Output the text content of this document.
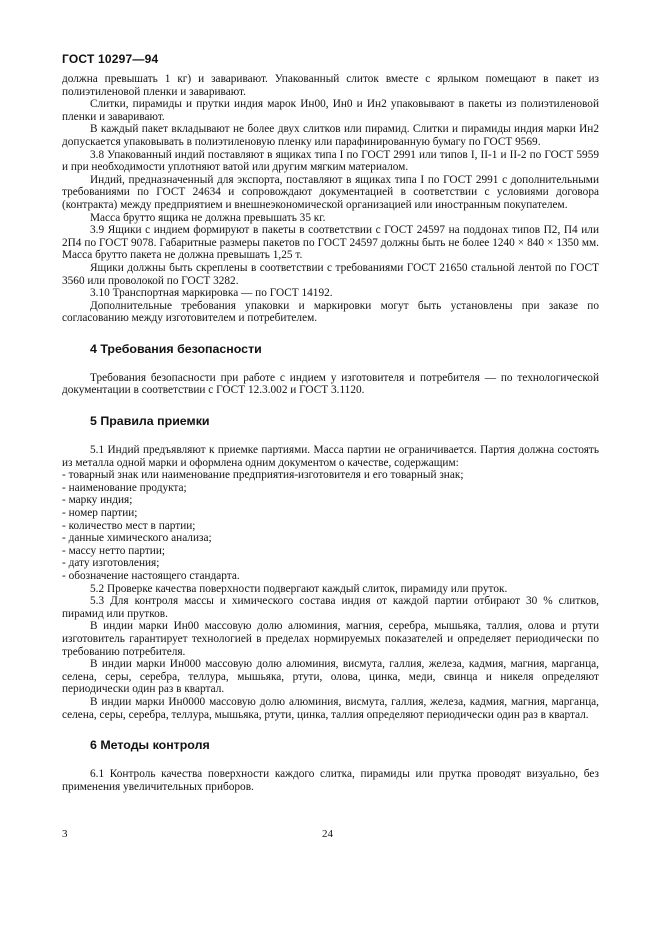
ГОСТ 10297—94

должна превышать 1 кг) и заваривают. Упакованный слиток вместе с ярлыком помещают в пакет из полиэтиленовой пленки и заваривают.

Слитки, пирамиды и прутки индия марок Ин00, Ин0 и Ин2 упаковывают в пакеты из полиэтиленовой пленки и заваривают.

В каждый пакет вкладывают не более двух слитков или пирамид. Слитки и пирамиды индия марки Ин2 допускается упаковывать в полиэтиленовую пленку или парафинированную бумагу по ГОСТ 9569.

3.8 Упакованный индий поставляют в ящиках типа I по ГОСТ 2991 или типов I, II-1 и II-2 по ГОСТ 5959 и при необходимости уплотняют ватой или другим мягким материалом.

Индий, предназначенный для экспорта, поставляют в ящиках типа I по ГОСТ 2991 с дополнительными требованиями по ГОСТ 24634 и сопровождают документацией в соответствии с условиями договора (контракта) между предприятием и внешнеэкономической организацией или иностранным покупателем.

Масса брутто ящика не должна превышать 35 кг.

3.9 Ящики с индием формируют в пакеты в соответствии с ГОСТ 24597 на поддонах типов П2, П4 или 2П4 по ГОСТ 9078. Габаритные размеры пакетов по ГОСТ 24597 должны быть не более 1240 × 840 × 1350 мм. Масса брутто пакета не должна превышать 1,25 т.

Ящики должны быть скреплены в соответствии с требованиями ГОСТ 21650 стальной лентой по ГОСТ 3560 или проволокой по ГОСТ 3282.

3.10 Транспортная маркировка — по ГОСТ 14192.

Дополнительные требования упаковки и маркировки могут быть установлены при заказе по согласованию между изготовителем и потребителем.

4 Требования безопасности

Требования безопасности при работе с индием у изготовителя и потребителя — по технологической документации в соответствии с ГОСТ 12.3.002 и ГОСТ 3.1120.

5 Правила приемки

5.1 Индий предъявляют к приемке партиями. Масса партии не ограничивается. Партия должна состоять из металла одной марки и оформлена одним документом о качестве, содержащим:

- товарный знак или наименование предприятия-изготовителя и его товарный знак;

- наименование продукта;

- марку индия;

- номер партии;

- количество мест в партии;

- данные химического анализа;

- массу нетто партии;

- дату изготовления;

- обозначение настоящего стандарта.

5.2 Проверке качества поверхности подвергают каждый слиток, пирамиду или пруток.

5.3 Для контроля массы и химического состава индия от каждой партии отбирают 30 % слитков, пирамид или прутков.

В индии марки Ин00 массовую долю алюминия, магния, серебра, мышьяка, таллия, олова и ртути изготовитель гарантирует технологией в пределах нормируемых показателей и определяет периодически по требованию потребителя.

В индии марки Ин000 массовую долю алюминия, висмута, галлия, железа, кадмия, магния, марганца, селена, серы, серебра, теллура, мышьяка, ртути, олова, цинка, меди, свинца и никеля определяют периодически один раз в квартал.

В индии марки Ин0000 массовую долю алюминия, висмута, галлия, железа, кадмия, магния, марганца, селена, серы, серебра, теллура, мышьяка, ртути, цинка, таллия определяют периодически один раз в квартал.

6 Методы контроля

6.1 Контроль качества поверхности каждого слитка, пирамиды или прутка проводят визуально, без применения увеличительных приборов.

3	24
